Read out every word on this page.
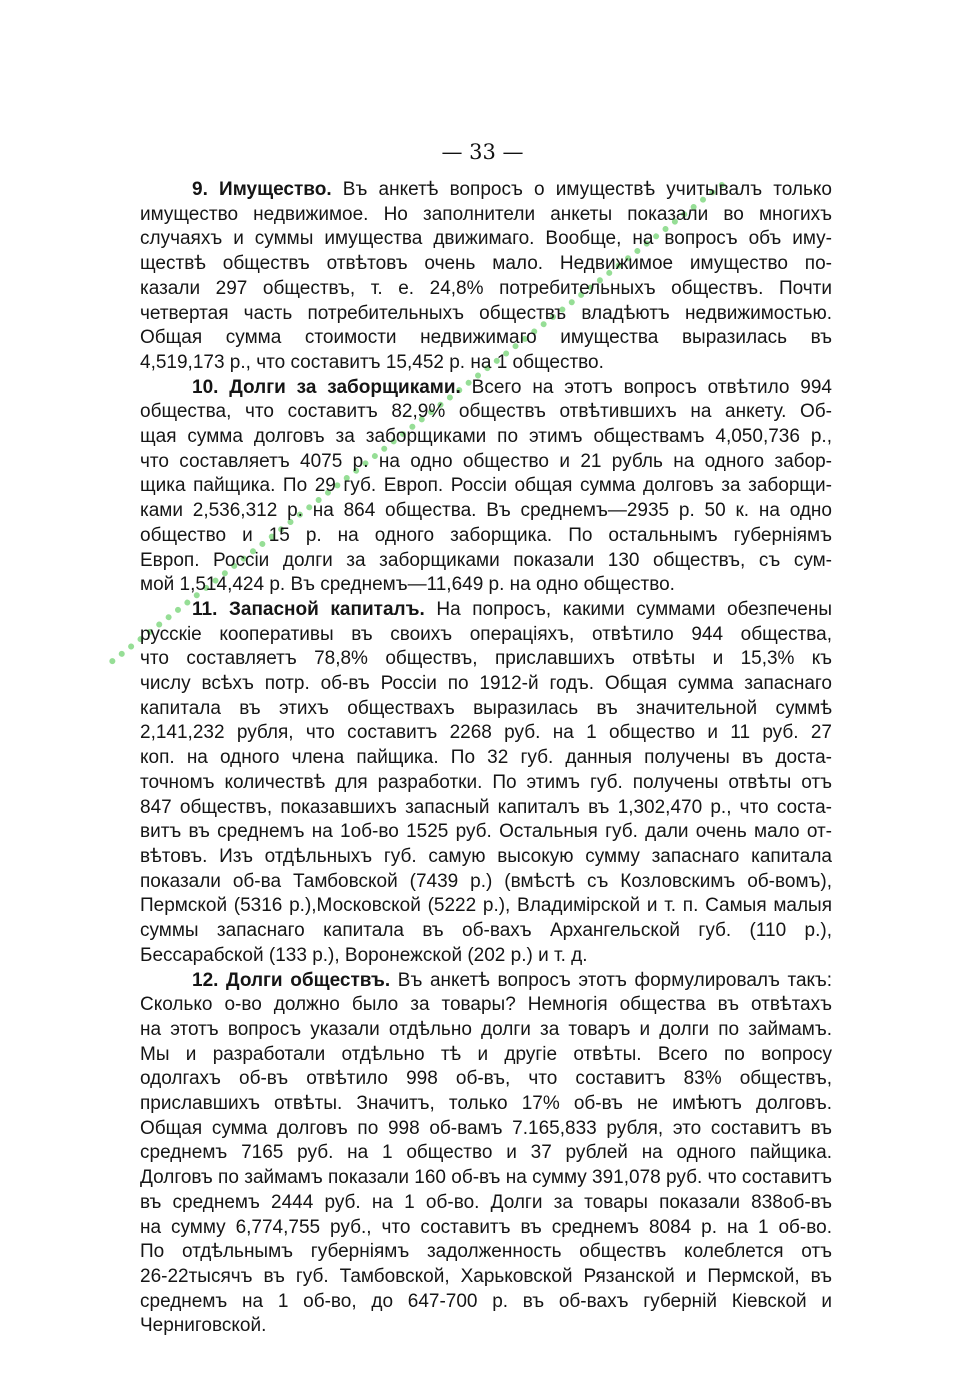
— 33 —
9. Имущество. Въ анкетѣ вопросъ о имуществѣ учитывалъ только
имущество недвижимое. Но заполнители анкеты показали во многихъ
случаяхъ и суммы имущества движимаго. Вообще, на вопросъ объ иму-
ществѣ обществъ отвѣтовъ очень мало. Недвижимое имущество по-
казали 297 обществъ, т. е. 24,8% потребительныхъ обществъ. Почти
четвертая часть потребительныхъ обществъ владѣютъ недвижимостью.
Общая сумма стоимости недвижимаго имущества выразилась въ
4,519,173 р., что составитъ 15,452 р. на 1 общество.
10. Долги за заборщиками. Всего на этотъ вопросъ отвѣтило 994
общества, что составитъ 82,9% обществъ отвѣтившихъ на анкету. Об-
щая сумма долговъ за заборщиками по этимъ обществамъ 4,050,736 р.,
что составляетъ 4075 р. на одно общество и 21 рубль на одного забор-
щика пайщика. По 29 губ. Европ. Россіи общая сумма долговъ за заборщи-
ками 2,536,312 р. на 864 общества. Въ среднемъ—2935 р. 50 к. на одно
общество и 15 р. на одного заборщика. По остальнымъ губерніямъ
Европ. Россіи долги за заборщиками показали 130 обществъ, съ сум-
мой 1,514,424 р. Въ среднемъ—11,649 р. на одно общество.
11. Запасной капиталъ. На попросъ, какими суммами обезпечены
русскіе кооперативы въ своихъ операціяхъ, отвѣтило 944 общества,
что составляетъ 78,8% обществъ, приславшихъ отвѣты и 15,3% къ
числу всѣхъ потр. об-въ Россіи по 1912-й годъ. Общая сумма запаснаго
капитала въ этихъ обществахъ выразилась въ значительной суммѣ
2,141,232 рубля, что составитъ 2268 руб. на 1 общество и 11 руб. 27
коп. на одного члена пайщика. По 32 губ. данныя получены въ доста-
точномъ количествѣ для разработки. По этимъ губ. получены отвѣты отъ
847 обществъ, показавшихъ запасный капиталъ въ 1,302,470 р., что соста-
витъ въ среднемъ на 1об-во 1525 руб. Остальныя губ. дали очень мало от-
вѣтовъ. Изъ отдѣльныхъ губ. самую высокую сумму запаснаго капитала
показали об-ва Тамбовской (7439 р.) (вмѣстѣ съ Козловскимъ об-вомъ),
Пермской (5316 р.),Московской (5222 р.), Владимірской и т. п. Самыя малыя
суммы запаснаго капитала въ об-вахъ Архангельской губ. (110 р.),
Бессарабской (133 р.), Воронежской (202 р.) и т. д.
12. Долги обществъ. Въ анкетѣ вопросъ этотъ формулировалъ такъ:
Сколько о-во должно было за товары? Немногія общества въ отвѣтахъ
на этотъ вопросъ указали отдѣльно долги за товаръ и долги по займамъ.
Мы и разработали отдѣльно тѣ и другіе отвѣты. Всего по вопросу
одолгахъ об-въ отвѣтило 998 об-въ, что составитъ 83% обществъ,
приславшихъ отвѣты. Значитъ, только 17% об-въ не имѣютъ долговъ.
Общая сумма долговъ по 998 об-вамъ 7.165,833 рубля, это составитъ въ
среднемъ 7165 руб. на 1 общество и 37 рублей на одного пайщика.
Долговъ по займамъ показали 160 об-въ на сумму 391,078 руб. что составитъ
въ среднемъ 2444 руб. на 1 об-во. Долги за товары показали 838об-въ
на сумму 6,774,755 руб., что составитъ въ среднемъ 8084 р. на 1 об-во.
По отдѣльнымъ губерніямъ задолженность обществъ колеблется отъ
26-22тысячъ въ губ. Тамбовской, Харьковской Рязанской и Пермской, въ
среднемъ на 1 об-во, до 647-700 р. въ об-вахъ губерній Кіевской и
Черниговской.
